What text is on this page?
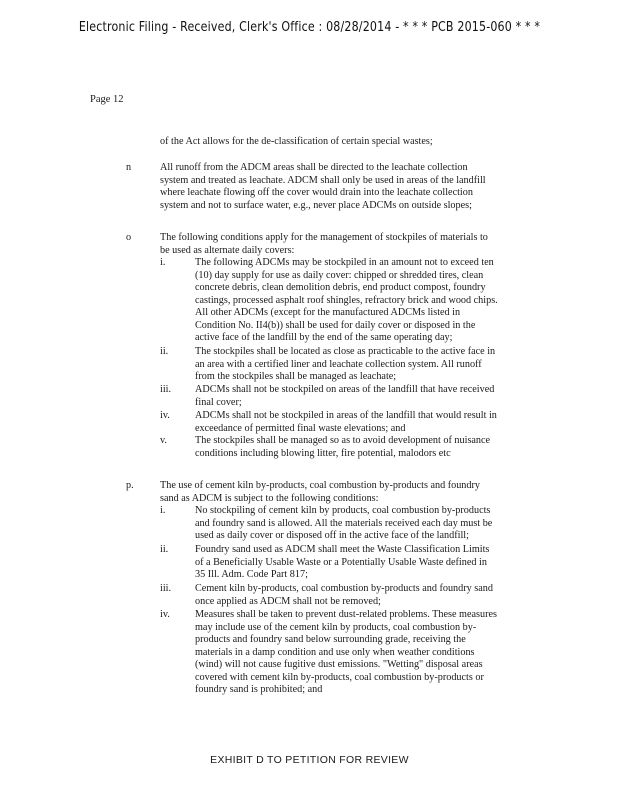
Electronic Filing - Received, Clerk's Office : 08/28/2014 - * * * PCB 2015-060 * * *
Page 12
of the Act allows for the de-classification of certain special wastes;
n	All runoff from the ADCM areas shall be directed to the leachate collection
system and treated as leachate. ADCM shall only be used in areas of the landfill
where leachate flowing off the cover would drain into the leachate collection
system and not to surface water, e.g., never place ADCMs on outside slopes;
o	The following conditions apply for the management of stockpiles of materials to
be used as alternate daily covers:
i.	The following ADCMs may be stockpiled in an amount not to exceed ten
(10) day supply for use as daily cover: chipped or shredded tires, clean
concrete debris, clean demolition debris, end product compost, foundry
castings, processed asphalt roof shingles, refractory brick and wood chips.
All other ADCMs (except for the manufactured ADCMs listed in
Condition No. II4(b)) shall be used for daily cover or disposed in the
active face of the landfill by the end of the same operating day;
ii.	The stockpiles shall be located as close as practicable to the active face in
an area with a certified liner and leachate collection system. All runoff
from the stockpiles shall be managed as leachate;
iii. ADCMs shall not be stockpiled on areas of the landfill that have received
final cover;
iv. ADCMs shall not be stockpiled in areas of the landfill that would result in
exceedance of permitted final waste elevations; and
v.	The stockpiles shall be managed so as to avoid development of nuisance
conditions including blowing litter, fire potential, malodors etc
p.	The use of cement kiln by-products, coal combustion by-products and foundry
sand as ADCM is subject to the following conditions:
i.	No stockpiling of cement kiln by products, coal combustion by-products
and foundry sand is allowed. All the materials received each day must be
used as daily cover or disposed off in the active face of the landfill;
ii.	Foundry sand used as ADCM shall meet the Waste Classification Limits
of a Beneficially Usable Waste or a Potentially Usable Waste defined in
35 Ill. Adm. Code Part 817;
iii. Cement kiln by-products, coal combustion by-products and foundry sand
once applied as ADCM shall not be removed;
iv. Measures shall be taken to prevent dust-related problems. These measures
may include use of the cement kiln by products, coal combustion by-
products and foundry sand below surrounding grade, receiving the
materials in a damp condition and use only when weather conditions
(wind) will not cause fugitive dust emissions. "Wetting" disposal areas
covered with cement kiln by-products, coal combustion by-products or
foundry sand is prohibited; and
EXHIBIT D TO PETITION FOR REVIEW
